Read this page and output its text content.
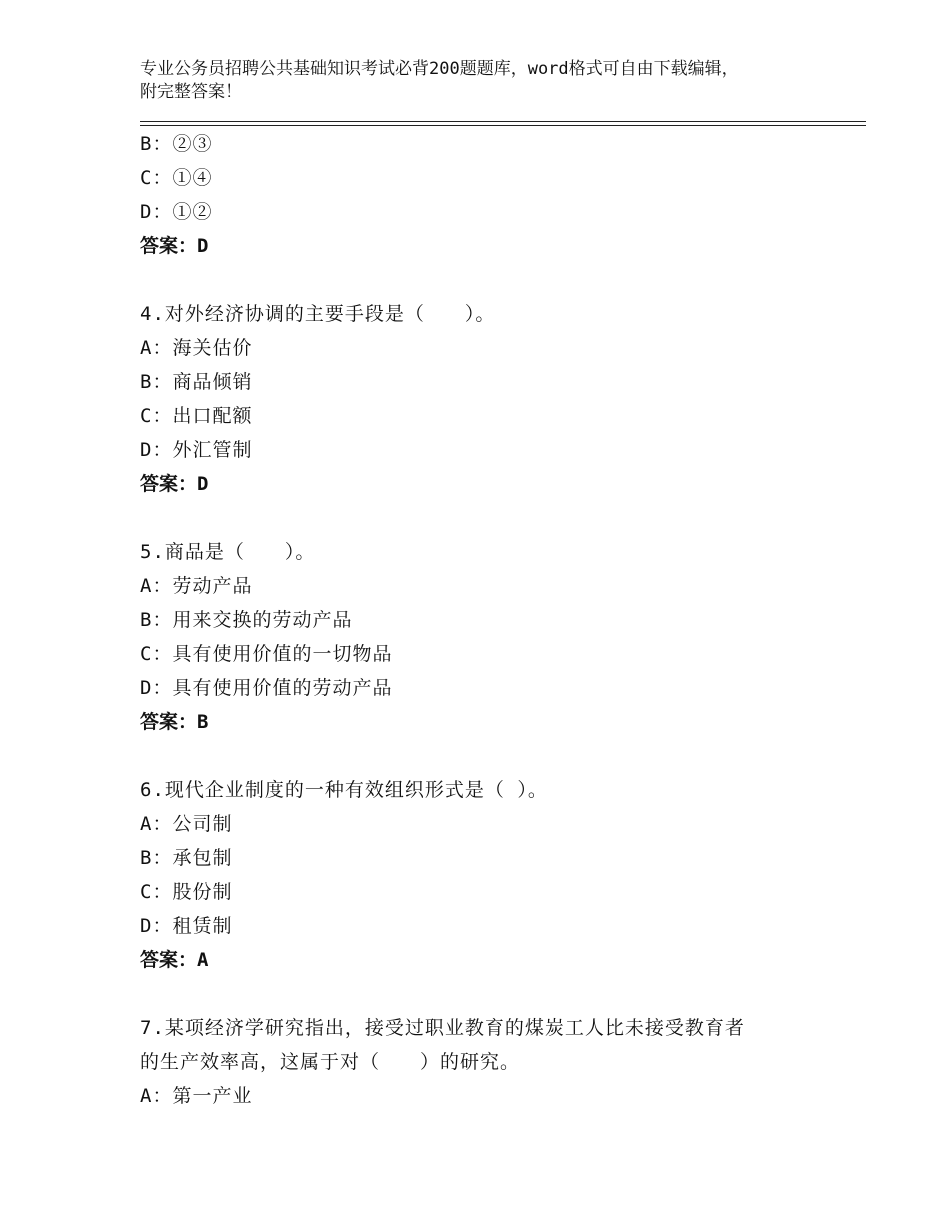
专业公务员招聘公共基础知识考试必背200题题库，word格式可自由下载编辑，
附完整答案！
B：②③
C：①④
D：①②
答案：D
4.对外经济协调的主要手段是（　　）。
A：海关估价
B：商品倾销
C：出口配额
D：外汇管制
答案：D
5.商品是（　　）。
A：劳动产品
B：用来交换的劳动产品
C：具有使用价值的一切物品
D：具有使用价值的劳动产品
答案：B
6.现代企业制度的一种有效组织形式是（ ）。
A：公司制
B：承包制
C：股份制
D：租赁制
答案：A
7.某项经济学研究指出，接受过职业教育的煤炭工人比未接受教育者
的生产效率高，这属于对（　　）的研究。
A：第一产业
